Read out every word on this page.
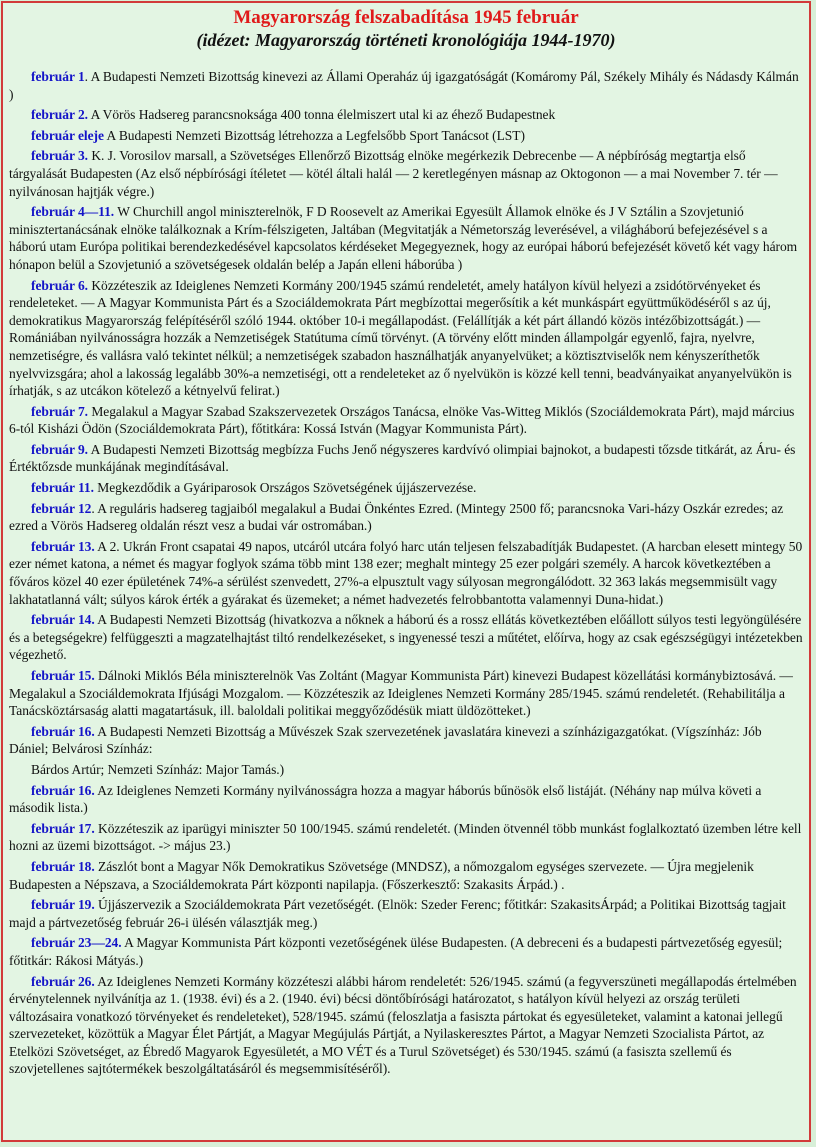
Magyarország felszabadítása 1945 február
(idézet: Magyarország történeti kronológiája 1944-1970)

február 1. A Budapesti Nemzeti Bizottság kinevezi az Állami Operaház új igazgatóságát (Komáromy Pál, Székely Mihály és Nádasdy Kálmán )

február 2. A Vörös Hadsereg parancsnoksága 400 tonna élelmiszert utal ki az éhező Budapestnek

február eleje A Budapesti Nemzeti Bizottság létrehozza a Legfelsőbb Sport Tanácsot (LST)

február 3. K. J. Vorosilov marsall, a Szövetséges Ellenőrző Bizottság elnöke megérkezik Debrecenbe — A népbíróság megtartja első tárgyalását Budapesten (Az első népbírósági ítéletet — kötél általi halál — 2 keretlegényen másnap az Oktogonon — a mai November 7. tér — nyilvánosan hajtják végre.)

február 4—11. W Churchill angol miniszterelnök, F D Roosevelt az Amerikai Egyesült Államok elnöke és J V Sztálin a Szovjetunió minisztertanácsának elnöke találkoznak a Krím-félszigeten, Jaltában (Megvitatják a Németország leverésével, a világháború befejezésével s a háború utam Európa politikai berendezkedésével kapcsolatos kérdéseket Megegyeznek, hogy az európai háború befejezését követő két vagy három hónapon belül a Szovjetunió a szövetségesek oldalán belép a Japán elleni háborúba )

február 6. Közzéteszik az Ideiglenes Nemzeti Kormány 200/1945 számú rendeletét, amely hatályon kívül helyezi a zsidótörvényeket és rendeleteket. — A Magyar Kommunista Párt és a Szociáldemokrata Párt megbízottai megerősítik a két munkáspárt együttműködéséről s az új, demokratikus Magyarország felépítéséről szóló 1944. október 10-i megállapodást. (Felállítják a két párt állandó közös intézőbizottságát.) — Romániában nyilvánosságra hozzák a Nemzetiségek Statútuma című törvényt. (A törvény előtt minden állampolgár egyenlő, fajra, nyelvre, nemzetiségre, és vallásra való tekintet nélkül; a nemzetiségek szabadon használhatják anyanyelvüket; a köztisztviselők nem kényszeríthetők nyelvvizsgára; ahol a lakosság legalább 30%-a nemzetiségi, ott a rendeleteket az ő nyelvükön is közzé kell tenni, beadványaikat anyanyelvükön is írhatják, s az utcákon kötelező a kétnyelvű felirat.)

február 7. Megalakul a Magyar Szabad Szakszervezetek Országos Tanácsa, elnöke Vas-Witteg Miklós (Szociáldemokrata Párt), majd március 6-tól Kisházi Ödön (Szociáldemokrata Párt), főtitkára: Kossá István (Magyar Kommunista Párt).

február 9. A Budapesti Nemzeti Bizottság megbízza Fuchs Jenő négyszeres kardvívó olimpiai bajnokot, a budapesti tőzsde titkárát, az Áru- és Értéktőzsde munkájának megindításával.

február 11. Megkezdődik a Gyáriparosok Országos Szövetségének újjászervezése.

február 12. A reguláris hadsereg tagjaiból megalakul a Budai Önkéntes Ezred. (Mintegy 2500 fő; parancsnoka Vari-házy Oszkár ezredes; az ezred a Vörös Hadsereg oldalán részt vesz a budai vár ostromában.)

február 13. A 2. Ukrán Front csapatai 49 napos, utcáról utcára folyó harc után teljesen felszabadítják Budapestet. (A harcban elesett mintegy 50 ezer német katona, a német és magyar foglyok száma több mint 138 ezer; meghalt mintegy 25 ezer polgári személy. A harcok következtében a főváros közel 40 ezer épületének 74%-a sérülést szenvedett, 27%-a elpusztult vagy súlyosan megrongálódott. 32 363 lakás megsemmisült vagy lakhatatlanná vált; súlyos károk érték a gyárakat és üzemeket; a német hadvezetés felrobbantotta valamennyi Duna-hidat.)

február 14. A Budapesti Nemzeti Bizottság (hivatkozva a nőknek a háború és a rossz ellátás következtében előállott súlyos testi legyöngülésére és a betegségekre) felfüggeszti a magzatelhajtást tiltó rendelkezéseket, s ingyenessé teszi a műtétet, előírva, hogy az csak egészségügyi intézetekben végezhető.

február 15. Dálnoki Miklós Béla miniszterelnök Vas Zoltánt (Magyar Kommunista Párt) kinevezi Budapest közellátási kormánybiztosává. — Megalakul a Szociáldemokrata Ifjúsági Mozgalom. — Közzéteszik az Ideiglenes Nemzeti Kormány 285/1945. számú rendeletét. (Rehabilitálja a Tanácsköztársaság alatti magatartásuk, ill. baloldali politikai meggyőződésük miatt üldözötteket.)

február 16. A Budapesti Nemzeti Bizottság a Művészek Szak szervezetének javaslatára kinevezi a színházigazgatókat. (Vígszínház: Jób Dániel; Belvárosi Színház:

Bárdos Artúr; Nemzeti Színház: Major Tamás.)

február 16. Az Ideiglenes Nemzeti Kormány nyilvánosságra hozza a magyar háborús bűnösök első listáját. (Néhány nap múlva követi a második lista.)

február 17. Közzéteszik az iparügyi miniszter 50 100/1945. számú rendeletét. (Minden ötvennél több munkást foglalkoztató üzemben létre kell hozni az üzemi bizottságot. -> május 23.)

február 18. Zászlót bont a Magyar Nők Demokratikus Szövetsége (MNDSZ), a nőmozgalom egységes szervezete. — Újra megjelenik Budapesten a Népszava, a Szociáldemokrata Párt központi napilapja. (Főszerkesztő: Szakasits Árpád.) .

február 19. Újjászervezik a Szociáldemokrata Párt vezetőségét. (Elnök: Szeder Ferenc; főtitkár: SzakasitsÁrpád; a Politikai Bizottság tagjait majd a pártvezetőség február 26-i ülésén választják meg.)

február 23—24. A Magyar Kommunista Párt központi vezetőségének ülése Budapesten. (A debreceni és a budapesti pártvezetőség egyesül; főtitkár: Rákosi Mátyás.)

február 26. Az Ideiglenes Nemzeti Kormány közzéteszi alábbi három rendeletét: 526/1945. számú (a fegyverszüneti megállapodás értelmében érvénytelennek nyilvánítja az 1. (1938. évi) és a 2. (1940. évi) bécsi döntőbírósági határozatot, s hatályon kívül helyezi az ország területi változásaira vonatkozó törvényeket és rendeleteket), 528/1945. számú (feloszlatja a fasiszta pártokat és egyesületeket, valamint a katonai jellegű szervezeteket, közöttük a Magyar Élet Pártját, a Magyar Megújulás Pártját, a Nyilaskeresztes Pártot, a Magyar Nemzeti Szocialista Pártot, az Etelközi Szövetséget, az Ébredő Magyarok Egyesületét, a MO VÉT és a Turul Szövetséget) és 530/1945. számú (a fasiszta szellemű és szovjetellenes sajtótermékek beszolgáltatásáról és megsemmisítéséről).
